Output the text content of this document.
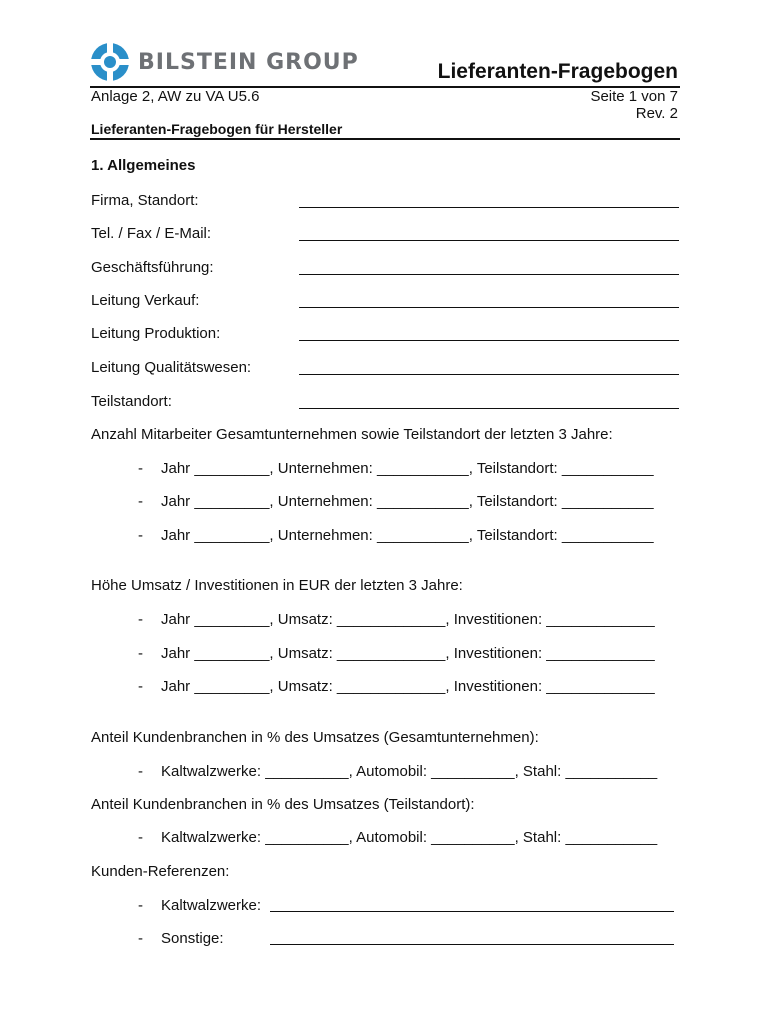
BILSTEIN GROUP	Lieferanten-Fragebogen
Anlage 2, AW zu VA U5.6	Seite 1 von 7
Rev. 2
Lieferanten-Fragebogen für Hersteller
1. Allgemeines
Firma, Standort:
Tel. / Fax / E-Mail:
Geschäftsführung:
Leitung Verkauf:
Leitung Produktion:
Leitung Qualitätswesen:
Teilstandort:
Anzahl Mitarbeiter Gesamtunternehmen sowie Teilstandort der letzten 3 Jahre:
- Jahr _________, Unternehmen: ___________, Teilstandort: ___________
- Jahr _________, Unternehmen: ___________, Teilstandort: ___________
- Jahr _________, Unternehmen: ___________, Teilstandort: ___________
Höhe Umsatz / Investitionen in EUR der letzten 3 Jahre:
- Jahr _________, Umsatz: _____________, Investitionen: _____________
- Jahr _________, Umsatz: _____________, Investitionen: _____________
- Jahr _________, Umsatz: _____________, Investitionen: _____________
Anteil Kundenbranchen in % des Umsatzes (Gesamtunternehmen):
- Kaltwalzwerke: __________, Automobil: __________, Stahl: ___________
Anteil Kundenbranchen in % des Umsatzes (Teilstandort):
- Kaltwalzwerke: __________, Automobil: __________, Stahl: ___________
Kunden-Referenzen:
- Kaltwalzwerke:
- Sonstige:
